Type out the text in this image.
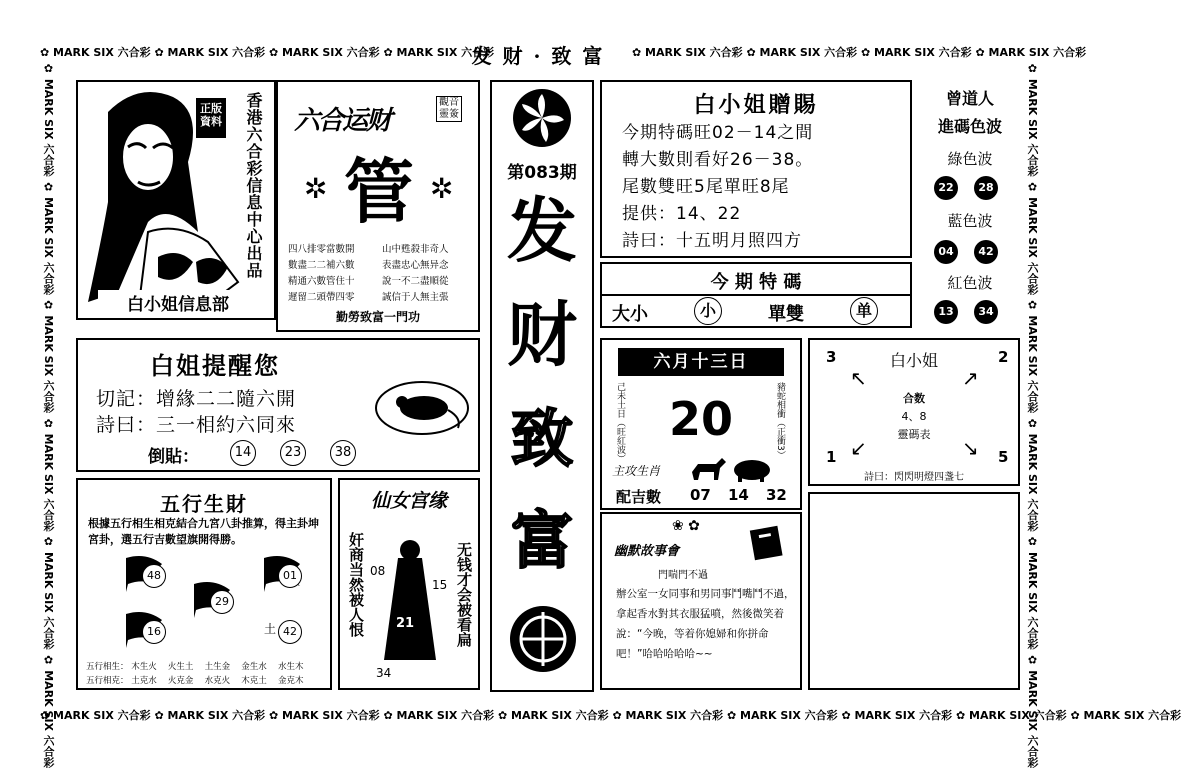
✿ MARK SIX 六合彩 ✿ MARK SIX 六合彩 ✿ MARK SIX 六合彩 ✿ MARK SIX 六合彩
发 财 · 致 富	✿ MARK SIX 六合彩 ✿ MARK SIX 六合彩 ✿ MARK SIX 六合彩 ✿ MARK SIX 六合彩
✿ MARK SIX 六合彩 ✿ MARK SIX 六合彩 ✿ MARK SIX 六合彩 ✿ MARK SIX 六合彩 ✿ MARK SIX 六合彩 ✿ MARK SIX 六合彩 ✿ MARK SIX 六合彩 ✿ MARK SIX 六合彩 ✿ MARK SIX 六合彩 ✿ MARK SIX 六合彩
✿ MARK SIX 六合彩 ✿ MARK SIX 六合彩 ✿ MARK SIX 六合彩 ✿ MARK SIX 六合彩 ✿ MARK SIX 六合彩 ✿ MARK SIX 六合彩
✿ MARK SIX 六合彩 ✿ MARK SIX 六合彩 ✿ MARK SIX 六合彩 ✿ MARK SIX 六合彩 ✿ MARK SIX 六合彩 ✿ MARK SIX 六合彩
正版資料
白小姐信息部
香港六合彩信息中心出品 六合运财
觀音靈簽
✲ 管 ✲
四八排零當數開
數盡二二補六數
精通六數管住十
遲留二頭帶四零
山中甦殺非奇人
表盡忠心無异念
說一不二盡順從
誠信于人無主張
勤勞致富一門功
第083期
发
财
致
富
白小姐贈賜
今期特碼旺02－14之間
轉大數則看好26－38。
尾數雙旺5尾單旺8尾
提供：14、22
詩曰：十五明月照四方
今 期 特 碼
大小	小	單雙	单
曾道人
進碼色波
綠色波
22	28
藍色波
04	42
紅色波
13	34
白姐提醒您
切記：增緣二二隨六開
詩曰：三一相約六同來
倒貼：	14	23	38
六月十三日
己未土日（旺紅波）	豬蛇相衝（正衝3）
20
主攻生肖
配吉數 07 14 32
3	白小姐	2
↖	↗
合数
4、8
靈碼表
↙	↘
1	5
詩曰：閃閃明燈四盞七
五行生財
根據五行相生相克結合九宮八卦推算，得主卦坤宮卦，選五行吉數望旗開得勝。
48
29
01
16	土 42
五行相生： 木生火　 火生土　 土生金　 金生水　 水生木
五行相克： 土克水　 火克金　 水克火　 木克土　 金克木
仙女宫缘
奸商当然被人恨	无钱才会被看扁
08
15
21
34
❀ ✿
幽默故事會
門喘門不過
辦公室一女同事和男同事鬥嘴鬥不過，拿起香水對其衣服猛噴，然後微笑着說：“今晚，等着你媳婦和你拼命吧！”哈哈哈哈哈~~
